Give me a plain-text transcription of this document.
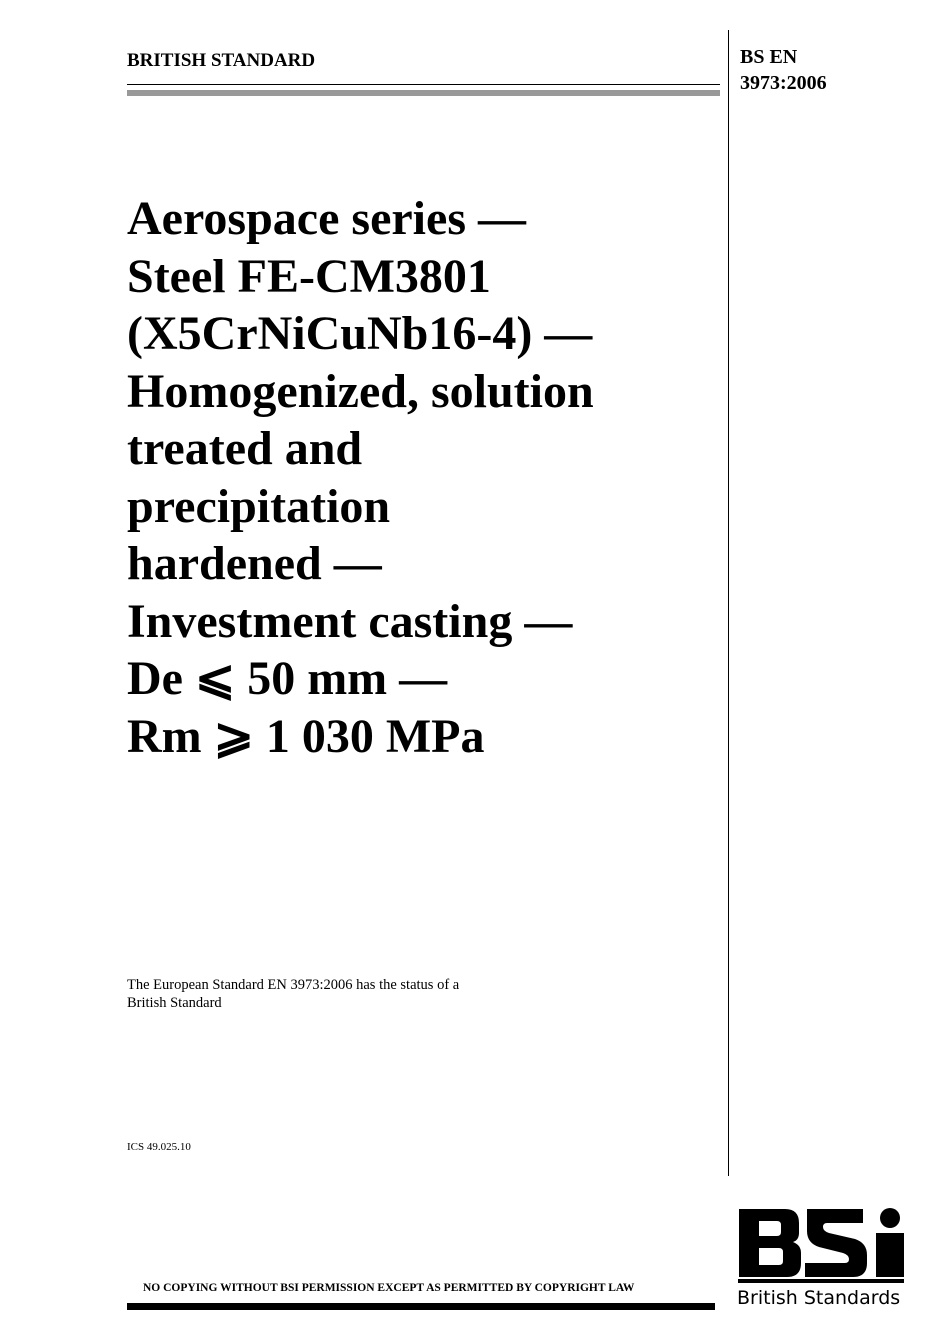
BRITISH STANDARD	BS EN
3973:2006
Aerospace series —
Steel FE-CM3801
(X5CrNiCuNb16-4) —
Homogenized, solution
treated and
precipitation
hardened —
Investment casting —
De ⩽ 50 mm —
Rm ⩾ 1 030 MPa
The European Standard EN 3973:2006 has the status of a
British Standard
ICS 49.025.10
NO COPYING WITHOUT BSI PERMISSION EXCEPT AS PERMITTED BY COPYRIGHT LAW	British Standards
